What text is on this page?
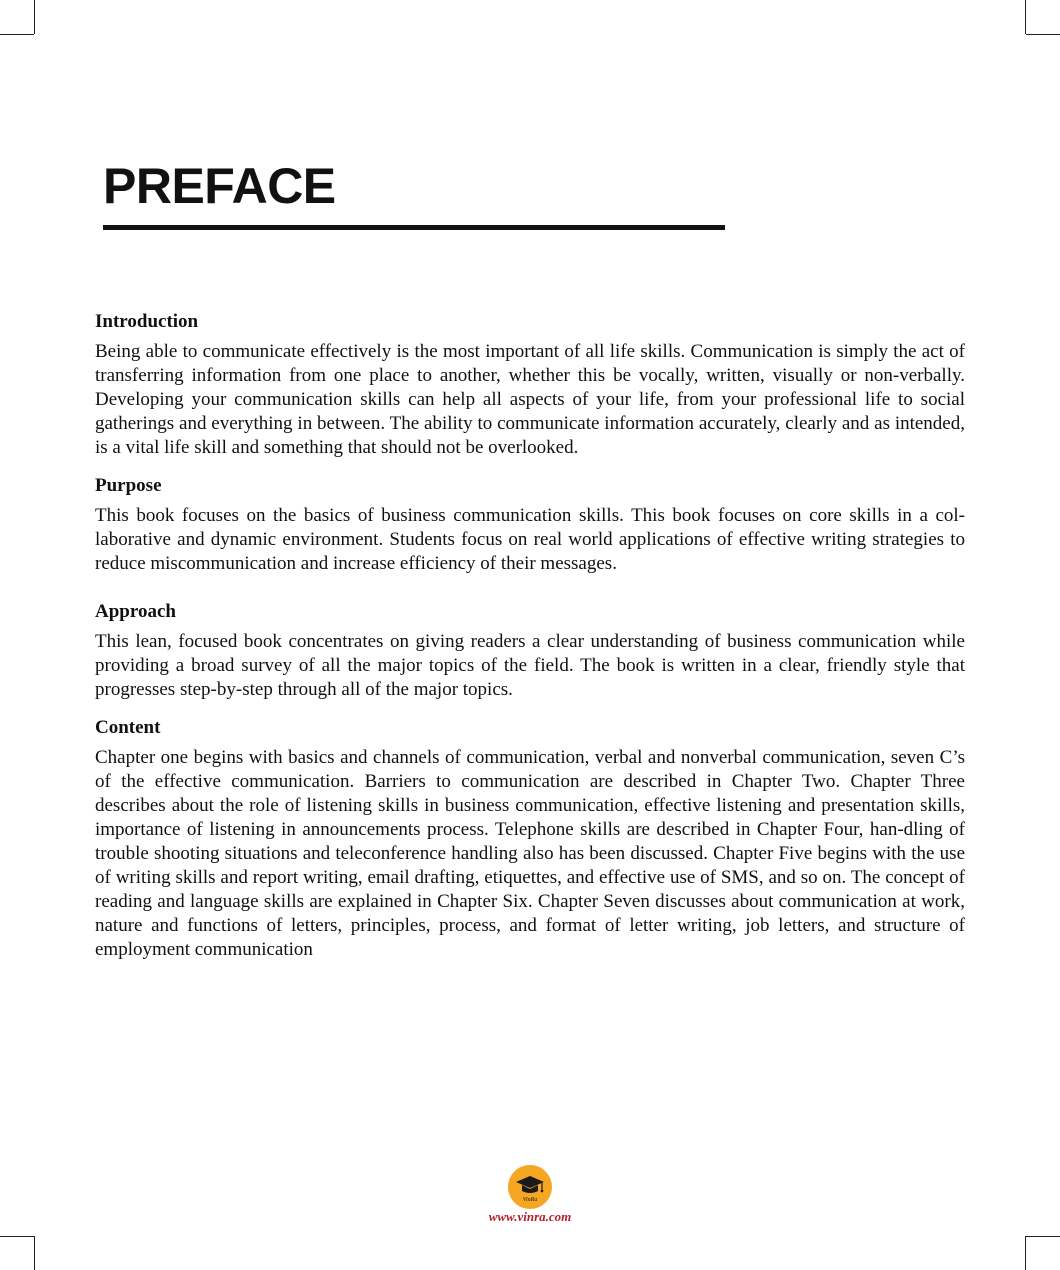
PREFACE
Introduction

Being able to communicate effectively is the most important of all life skills. Communication is simply the act of transferring information from one place to another, whether this be vocally, written, visually or non-verbally. Developing your communication skills can help all aspects of your life, from your professional life to social gatherings and everything in between. The ability to communicate information accurately, clearly and as intended, is a vital life skill and something that should not be overlooked.

Purpose

This book focuses on the basics of business communication skills. This book focuses on core skills in a col-laborative and dynamic environment. Students focus on real world applications of effective writing strategies to reduce miscommunication and increase efficiency of their messages.

Approach

This lean, focused book concentrates on giving readers a clear understanding of business communication while providing a broad survey of all the major topics of the field. The book is written in a clear, friendly style that progresses step-by-step through all of the major topics.

Content

Chapter one begins with basics and channels of communication, verbal and nonverbal communication, seven C’s of the effective communication. Barriers to communication are described in Chapter Two. Chapter Three describes about the role of listening skills in business communication, effective listening and presentation skills, importance of listening in announcements process. Telephone skills are described in Chapter Four, han-dling of trouble shooting situations and teleconference handling also has been discussed. Chapter Five begins with the use of writing skills and report writing, email drafting, etiquettes, and effective use of SMS, and so on. The concept of reading and language skills are explained in Chapter Six. Chapter Seven discusses about communication at work, nature and functions of letters, principles, process, and format of letter writing, job letters, and structure of employment communication

VinRa
www.vinra.com
